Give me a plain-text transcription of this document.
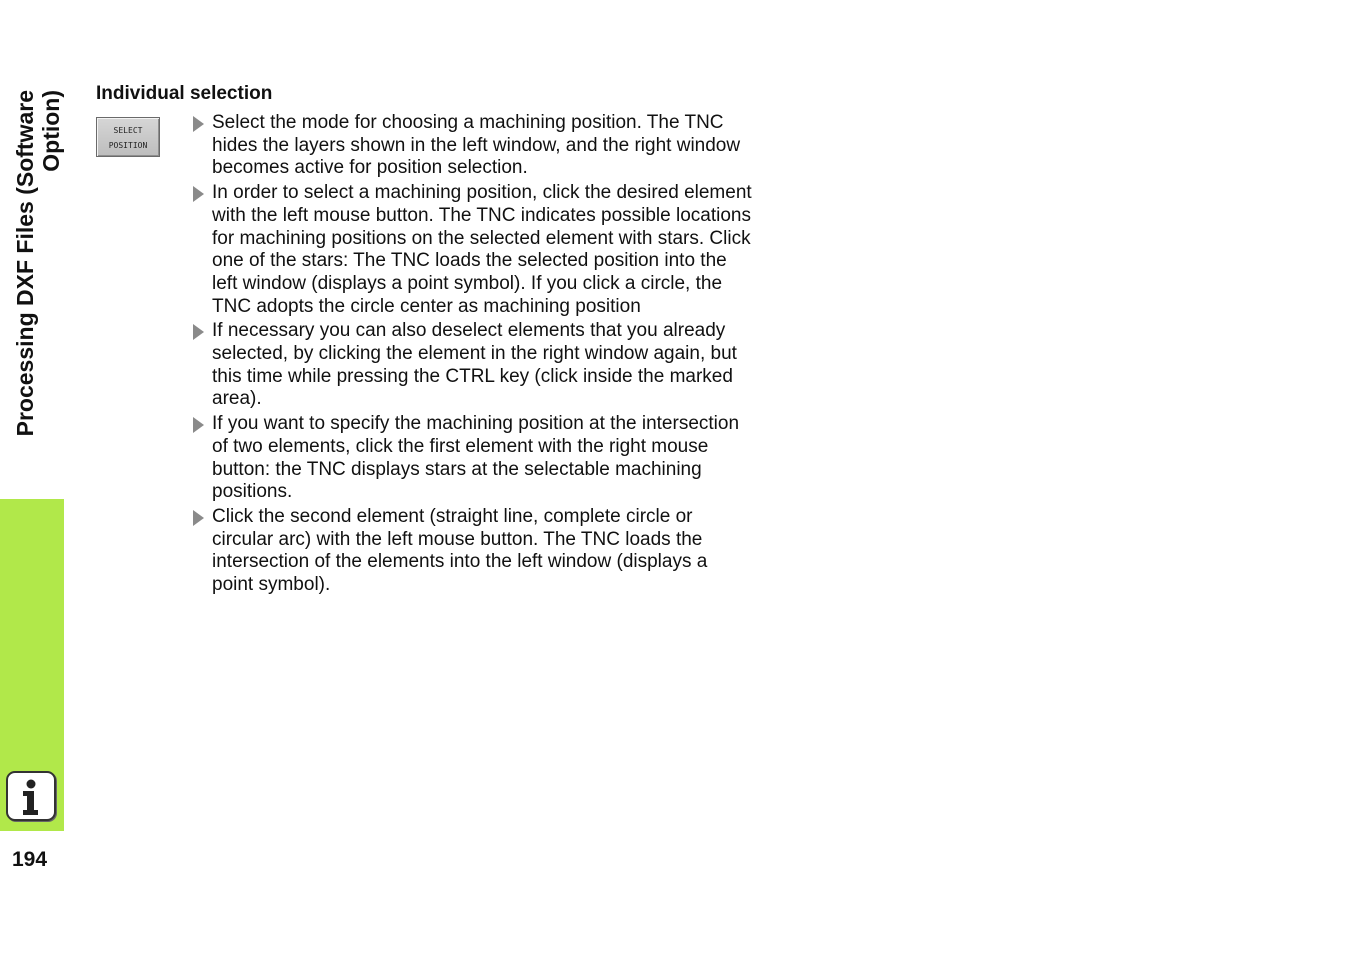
Processing DXF Files (Software Option)
194
Individual selection
SELECT
POSITION
Select the mode for choosing a machining position. The TNC hides the layers shown in the left window, and the right window becomes active for position selection.
In order to select a machining position, click the desired element with the left mouse button. The TNC indicates possible locations for machining positions on the selected element with stars. Click one of the stars: The TNC loads the selected position into the left window (displays a point symbol). If you click a circle, the TNC adopts the circle center as machining position
If necessary you can also deselect elements that you already selected, by clicking the element in the right window again, but this time while pressing the CTRL key (click inside the marked area).
If you want to specify the machining position at the intersection of two elements, click the first element with the right mouse button: the TNC displays stars at the selectable machining positions.
Click the second element (straight line, complete circle or circular arc) with the left mouse button. The TNC loads the intersection of the elements into the left window (displays a point symbol).
